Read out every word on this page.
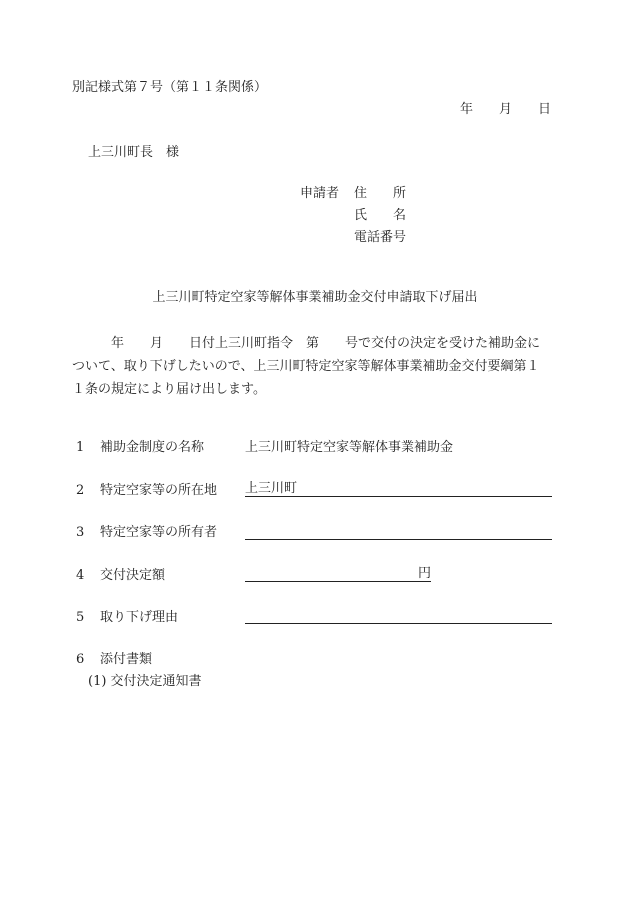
別記様式第７号（第１１条関係）
年 月 日
上三川町長　様
申請者	住　　所
氏　　名
電話番号
上三川町特定空家等解体事業補助金交付申請取下げ届出
　　　年　　月　　日付上三川町指令　第　　号で交付の決定を受けた補助金に
ついて、取り下げしたいので、上三川町特定空家等解体事業補助金交付要綱第１
１条の規定により届け出します。
1 補助金制度の名称	上三川町特定空家等解体事業補助金
2 特定空家等の所在地 上三川町
3 特定空家等の所有者
4 交付決定額	円
5 取り下げ理由
6 添付書類
(1) 交付決定通知書
